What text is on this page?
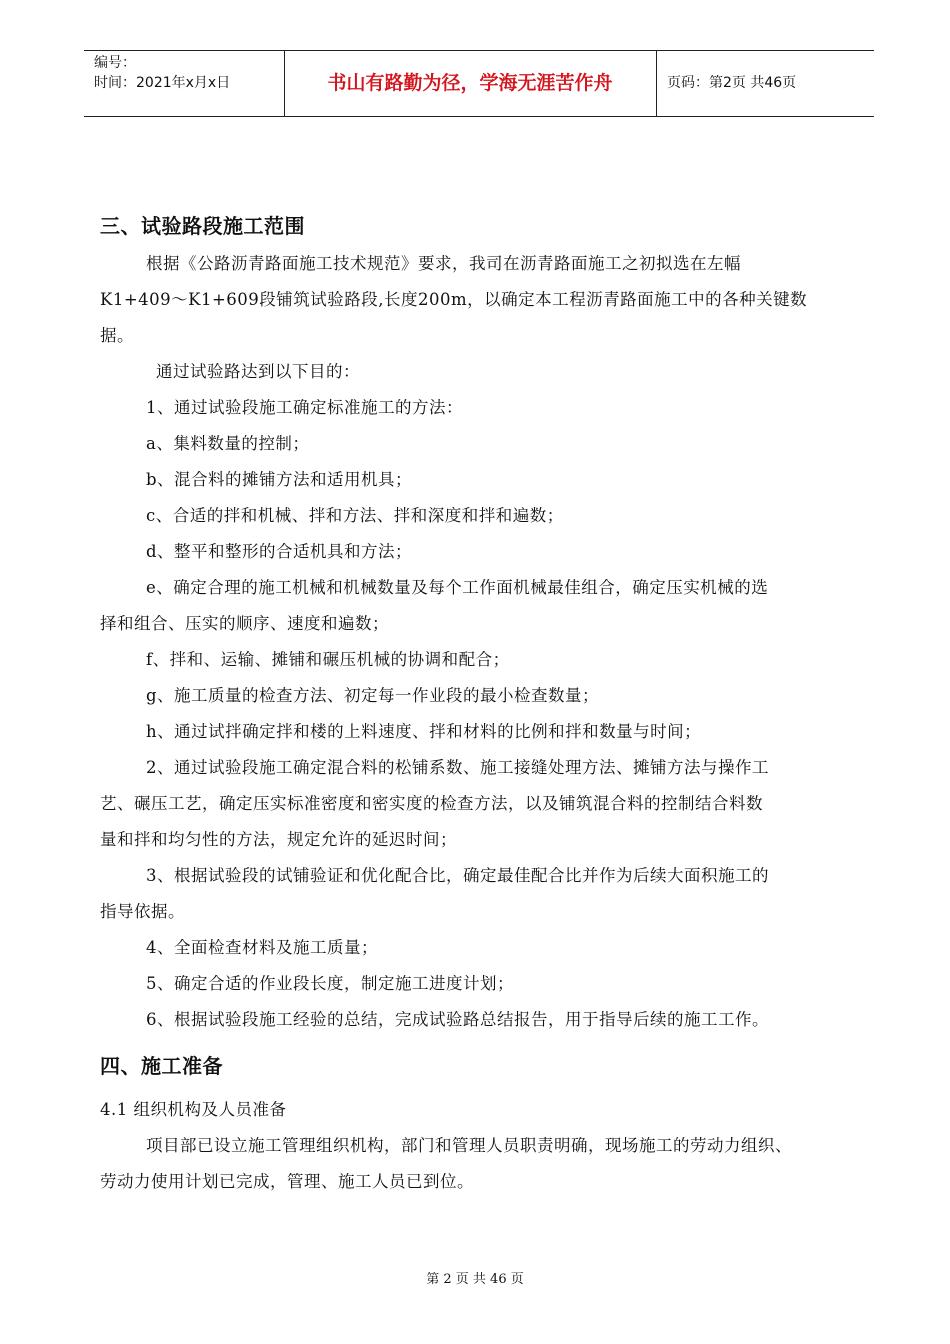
编号：
时间：2021年x月x日	书山有路勤为径，学海无涯苦作舟	页码：第2页 共46页
三、试验路段施工范围
根据《公路沥青路面施工技术规范》要求，我司在沥青路面施工之初拟选在左幅
K1+409～K1+609段铺筑试验路段,长度200m，以确定本工程沥青路面施工中的各种关键数
据。
通过试验路达到以下目的：
1、通过试验段施工确定标准施工的方法：
a、集料数量的控制；
b、混合料的摊铺方法和适用机具；
c、合适的拌和机械、拌和方法、拌和深度和拌和遍数；
d、整平和整形的合适机具和方法；
e、确定合理的施工机械和机械数量及每个工作面机械最佳组合，确定压实机械的选
择和组合、压实的顺序、速度和遍数；
f、拌和、运输、摊铺和碾压机械的协调和配合；
g、施工质量的检查方法、初定每一作业段的最小检查数量；
h、通过试拌确定拌和楼的上料速度、拌和材料的比例和拌和数量与时间；
2、通过试验段施工确定混合料的松铺系数、施工接缝处理方法、摊铺方法与操作工
艺、碾压工艺，确定压实标准密度和密实度的检查方法，以及铺筑混合料的控制结合料数
量和拌和均匀性的方法，规定允许的延迟时间；
3、根据试验段的试铺验证和优化配合比，确定最佳配合比并作为后续大面积施工的
指导依据。
4、全面检查材料及施工质量；
5、确定合适的作业段长度，制定施工进度计划；
6、根据试验段施工经验的总结，完成试验路总结报告，用于指导后续的施工工作。
四、施工准备
4.1 组织机构及人员准备
项目部已设立施工管理组织机构，部门和管理人员职责明确，现场施工的劳动力组织、
劳动力使用计划已完成，管理、施工人员已到位。
第 2 页 共 46 页
